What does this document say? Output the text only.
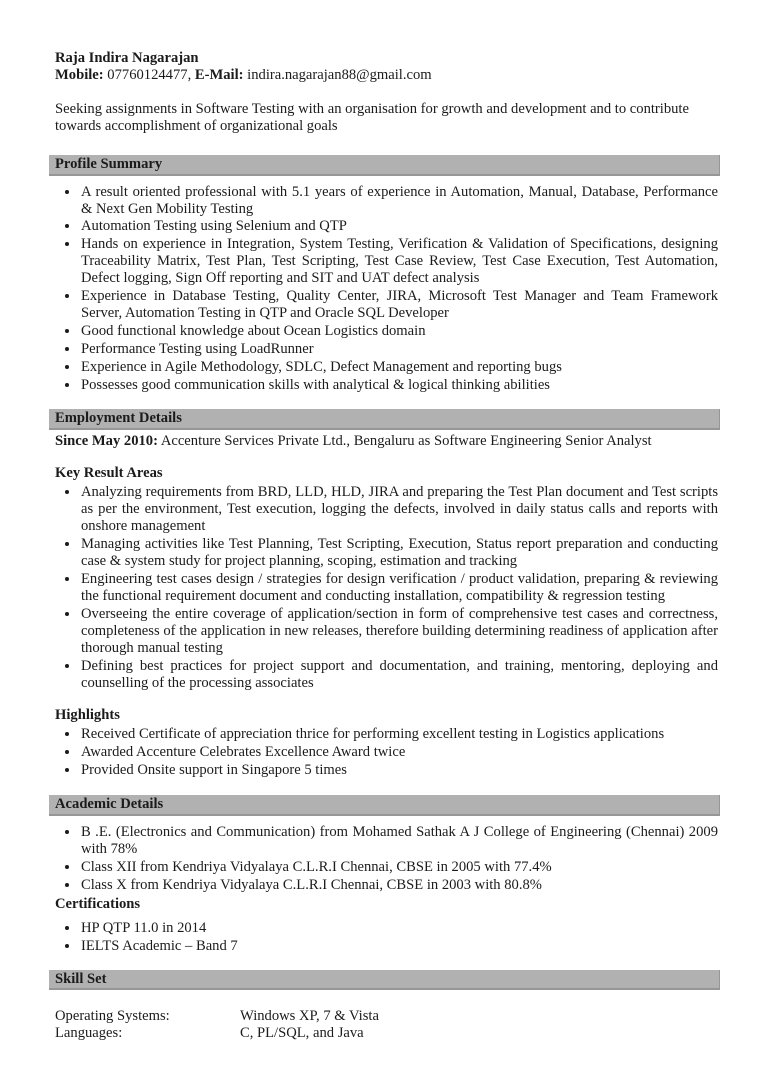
Raja Indira Nagarajan
Mobile: 07760124477, E-Mail: indira.nagarajan88@gmail.com
Seeking assignments in Software Testing with an organisation for growth and development and to contribute towards accomplishment of organizational goals
Profile Summary
• A result oriented professional with 5.1 years of experience in Automation, Manual, Database, Performance & Next Gen Mobility Testing
• Automation Testing using Selenium and QTP
• Hands on experience in Integration, System Testing, Verification & Validation of Specifications, designing Traceability Matrix, Test Plan, Test Scripting, Test Case Review, Test Case Execution, Test Automation, Defect logging, Sign Off reporting and SIT and UAT defect analysis
• Experience in Database Testing, Quality Center, JIRA, Microsoft Test Manager and Team Framework Server, Automation Testing in QTP and Oracle SQL Developer
• Good functional knowledge about Ocean Logistics domain
• Performance Testing using LoadRunner
• Experience in Agile Methodology, SDLC, Defect Management and reporting bugs
• Possesses good communication skills with analytical & logical thinking abilities
Employment Details
Since May 2010: Accenture Services Private Ltd., Bengaluru as Software Engineering Senior Analyst
Key Result Areas
• Analyzing requirements from BRD, LLD, HLD, JIRA and preparing the Test Plan document and Test scripts as per the environment, Test execution, logging the defects, involved in daily status calls and reports with onshore management
• Managing activities like Test Planning, Test Scripting, Execution, Status report preparation and conducting case & system study for project planning, scoping, estimation and tracking
• Engineering test cases design / strategies for design verification / product validation, preparing & reviewing the functional requirement document and conducting installation, compatibility & regression testing
• Overseeing the entire coverage of application/section in form of comprehensive test cases and correctness, completeness of the application in new releases, therefore building determining readiness of application after thorough manual testing
• Defining best practices for project support and documentation, and training, mentoring, deploying and counselling of the processing associates
Highlights
• Received Certificate of appreciation thrice for performing excellent testing in Logistics applications
• Awarded Accenture Celebrates Excellence Award twice
• Provided Onsite support in Singapore 5 times
Academic Details
• B .E. (Electronics and Communication) from Mohamed Sathak A J College of Engineering (Chennai) 2009 with 78%
• Class XII from Kendriya Vidyalaya C.L.R.I Chennai, CBSE in 2005 with 77.4%
• Class X from Kendriya Vidyalaya C.L.R.I Chennai, CBSE in 2003 with 80.8%
Certifications
• HP QTP 11.0 in 2014
• IELTS Academic – Band 7
Skill Set
Operating Systems:	Windows XP, 7 & Vista
Languages:	C, PL/SQL, and Java
